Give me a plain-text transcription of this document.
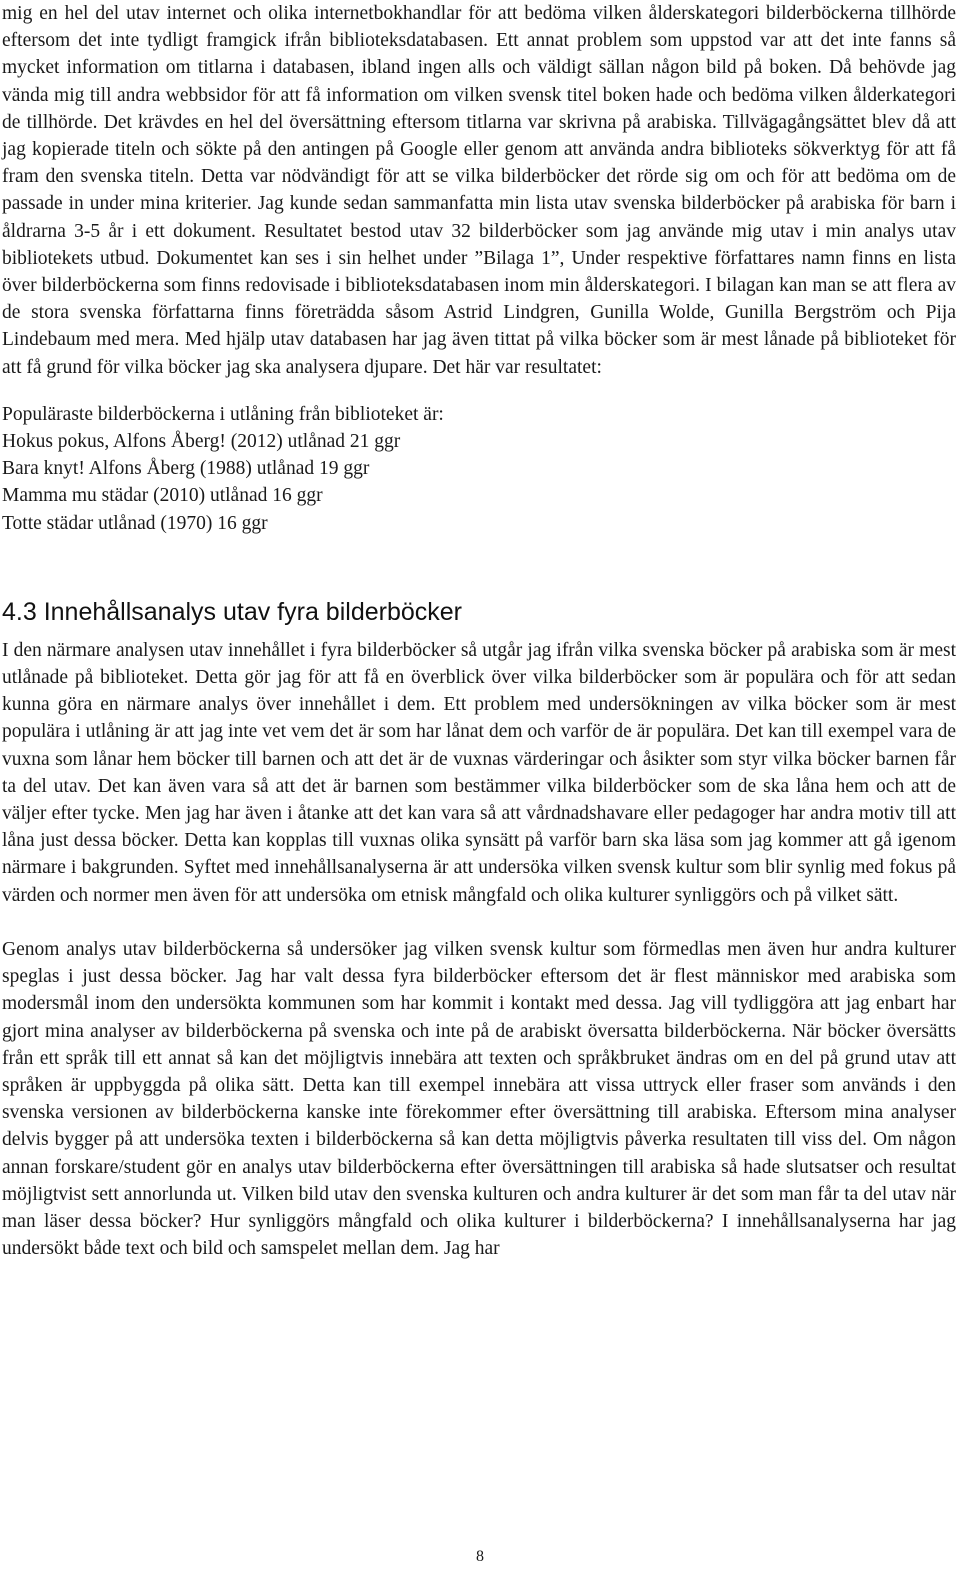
mig en hel del utav internet och olika internetbokhandlar för att bedöma vilken ålderskategori bilderböckerna tillhörde eftersom det inte tydligt framgick ifrån biblioteksdatabasen. Ett annat problem som uppstod var att det inte fanns så mycket information om titlarna i databasen, ibland ingen alls och väldigt sällan någon bild på boken. Då behövde jag vända mig till andra webbsidor för att få information om vilken svensk titel boken hade och bedöma vilken ålderkategori de tillhörde. Det krävdes en hel del översättning eftersom titlarna var skrivna på arabiska. Tillvägagångsättet blev då att jag kopierade titeln och sökte på den antingen på Google eller genom att använda andra biblioteks sökverktyg för att få fram den svenska titeln. Detta var nödvändigt för att se vilka bilderböcker det rörde sig om och för att bedöma om de passade in under mina kriterier. Jag kunde sedan sammanfatta min lista utav svenska bilderböcker på arabiska för barn i åldrarna 3-5 år i ett dokument. Resultatet bestod utav 32 bilderböcker som jag använde mig utav i min analys utav bibliotekets utbud. Dokumentet kan ses i sin helhet under ”Bilaga 1”, Under respektive författares namn finns en lista över bilderböckerna som finns redovisade i biblioteksdatabasen inom min ålderskategori. I bilagan kan man se att flera av de stora svenska författarna finns företrädda såsom Astrid Lindgren, Gunilla Wolde, Gunilla Bergström och Pija Lindebaum med mera. Med hjälp utav databasen har jag även tittat på vilka böcker som är mest lånade på biblioteket för att få grund för vilka böcker jag ska analysera djupare. Det här var resultatet:

Populäraste bilderböckerna i utlåning från biblioteket är:

Hokus pokus, Alfons Åberg! (2012) utlånad 21 ggr

Bara knyt! Alfons Åberg (1988) utlånad 19 ggr

Mamma mu städar (2010) utlånad 16 ggr

Totte städar utlånad (1970) 16 ggr

4.3 Innehållsanalys utav fyra bilderböcker

I den närmare analysen utav innehållet i fyra bilderböcker så utgår jag ifrån vilka svenska böcker på arabiska som är mest utlånade på biblioteket. Detta gör jag för att få en överblick över vilka bilderböcker som är populära och för att sedan kunna göra en närmare analys över innehållet i dem. Ett problem med undersökningen av vilka böcker som är mest populära i utlåning är att jag inte vet vem det är som har lånat dem och varför de är populära. Det kan till exempel vara de vuxna som lånar hem böcker till barnen och att det är de vuxnas värderingar och åsikter som styr vilka böcker barnen får ta del utav. Det kan även vara så att det är barnen som bestämmer vilka bilderböcker som de ska låna hem och att de väljer efter tycke. Men jag har även i åtanke att det kan vara så att vårdnadshavare eller pedagoger har andra motiv till att låna just dessa böcker. Detta kan kopplas till vuxnas olika synsätt på varför barn ska läsa som jag kommer att gå igenom närmare i bakgrunden. Syftet med innehållsanalyserna är att undersöka vilken svensk kultur som blir synlig med fokus på värden och normer men även för att undersöka om etnisk mångfald och olika kulturer synliggörs och på vilket sätt.

Genom analys utav bilderböckerna så undersöker jag vilken svensk kultur som förmedlas men även hur andra kulturer speglas i just dessa böcker. Jag har valt dessa fyra bilderböcker eftersom det är flest människor med arabiska som modersmål inom den undersökta kommunen som har kommit i kontakt med dessa. Jag vill tydliggöra att jag enbart har gjort mina analyser av bilderböckerna på svenska och inte på de arabiskt översatta bilderböckerna. När böcker översätts från ett språk till ett annat så kan det möjligtvis innebära att texten och språkbruket ändras om en del på grund utav att språken är uppbyggda på olika sätt. Detta kan till exempel innebära att vissa uttryck eller fraser som används i den svenska versionen av bilderböckerna kanske inte förekommer efter översättning till arabiska. Eftersom mina analyser delvis bygger på att undersöka texten i bilderböckerna så kan detta möjligtvis påverka resultaten till viss del. Om någon annan forskare/student gör en analys utav bilderböckerna efter översättningen till arabiska så hade slutsatser och resultat möjligtvist sett annorlunda ut. Vilken bild utav den svenska kulturen och andra kulturer är det som man får ta del utav när man läser dessa böcker? Hur synliggörs mångfald och olika kulturer i bilderböckerna? I innehållsanalyserna har jag undersökt både text och bild och samspelet mellan dem. Jag har

8
